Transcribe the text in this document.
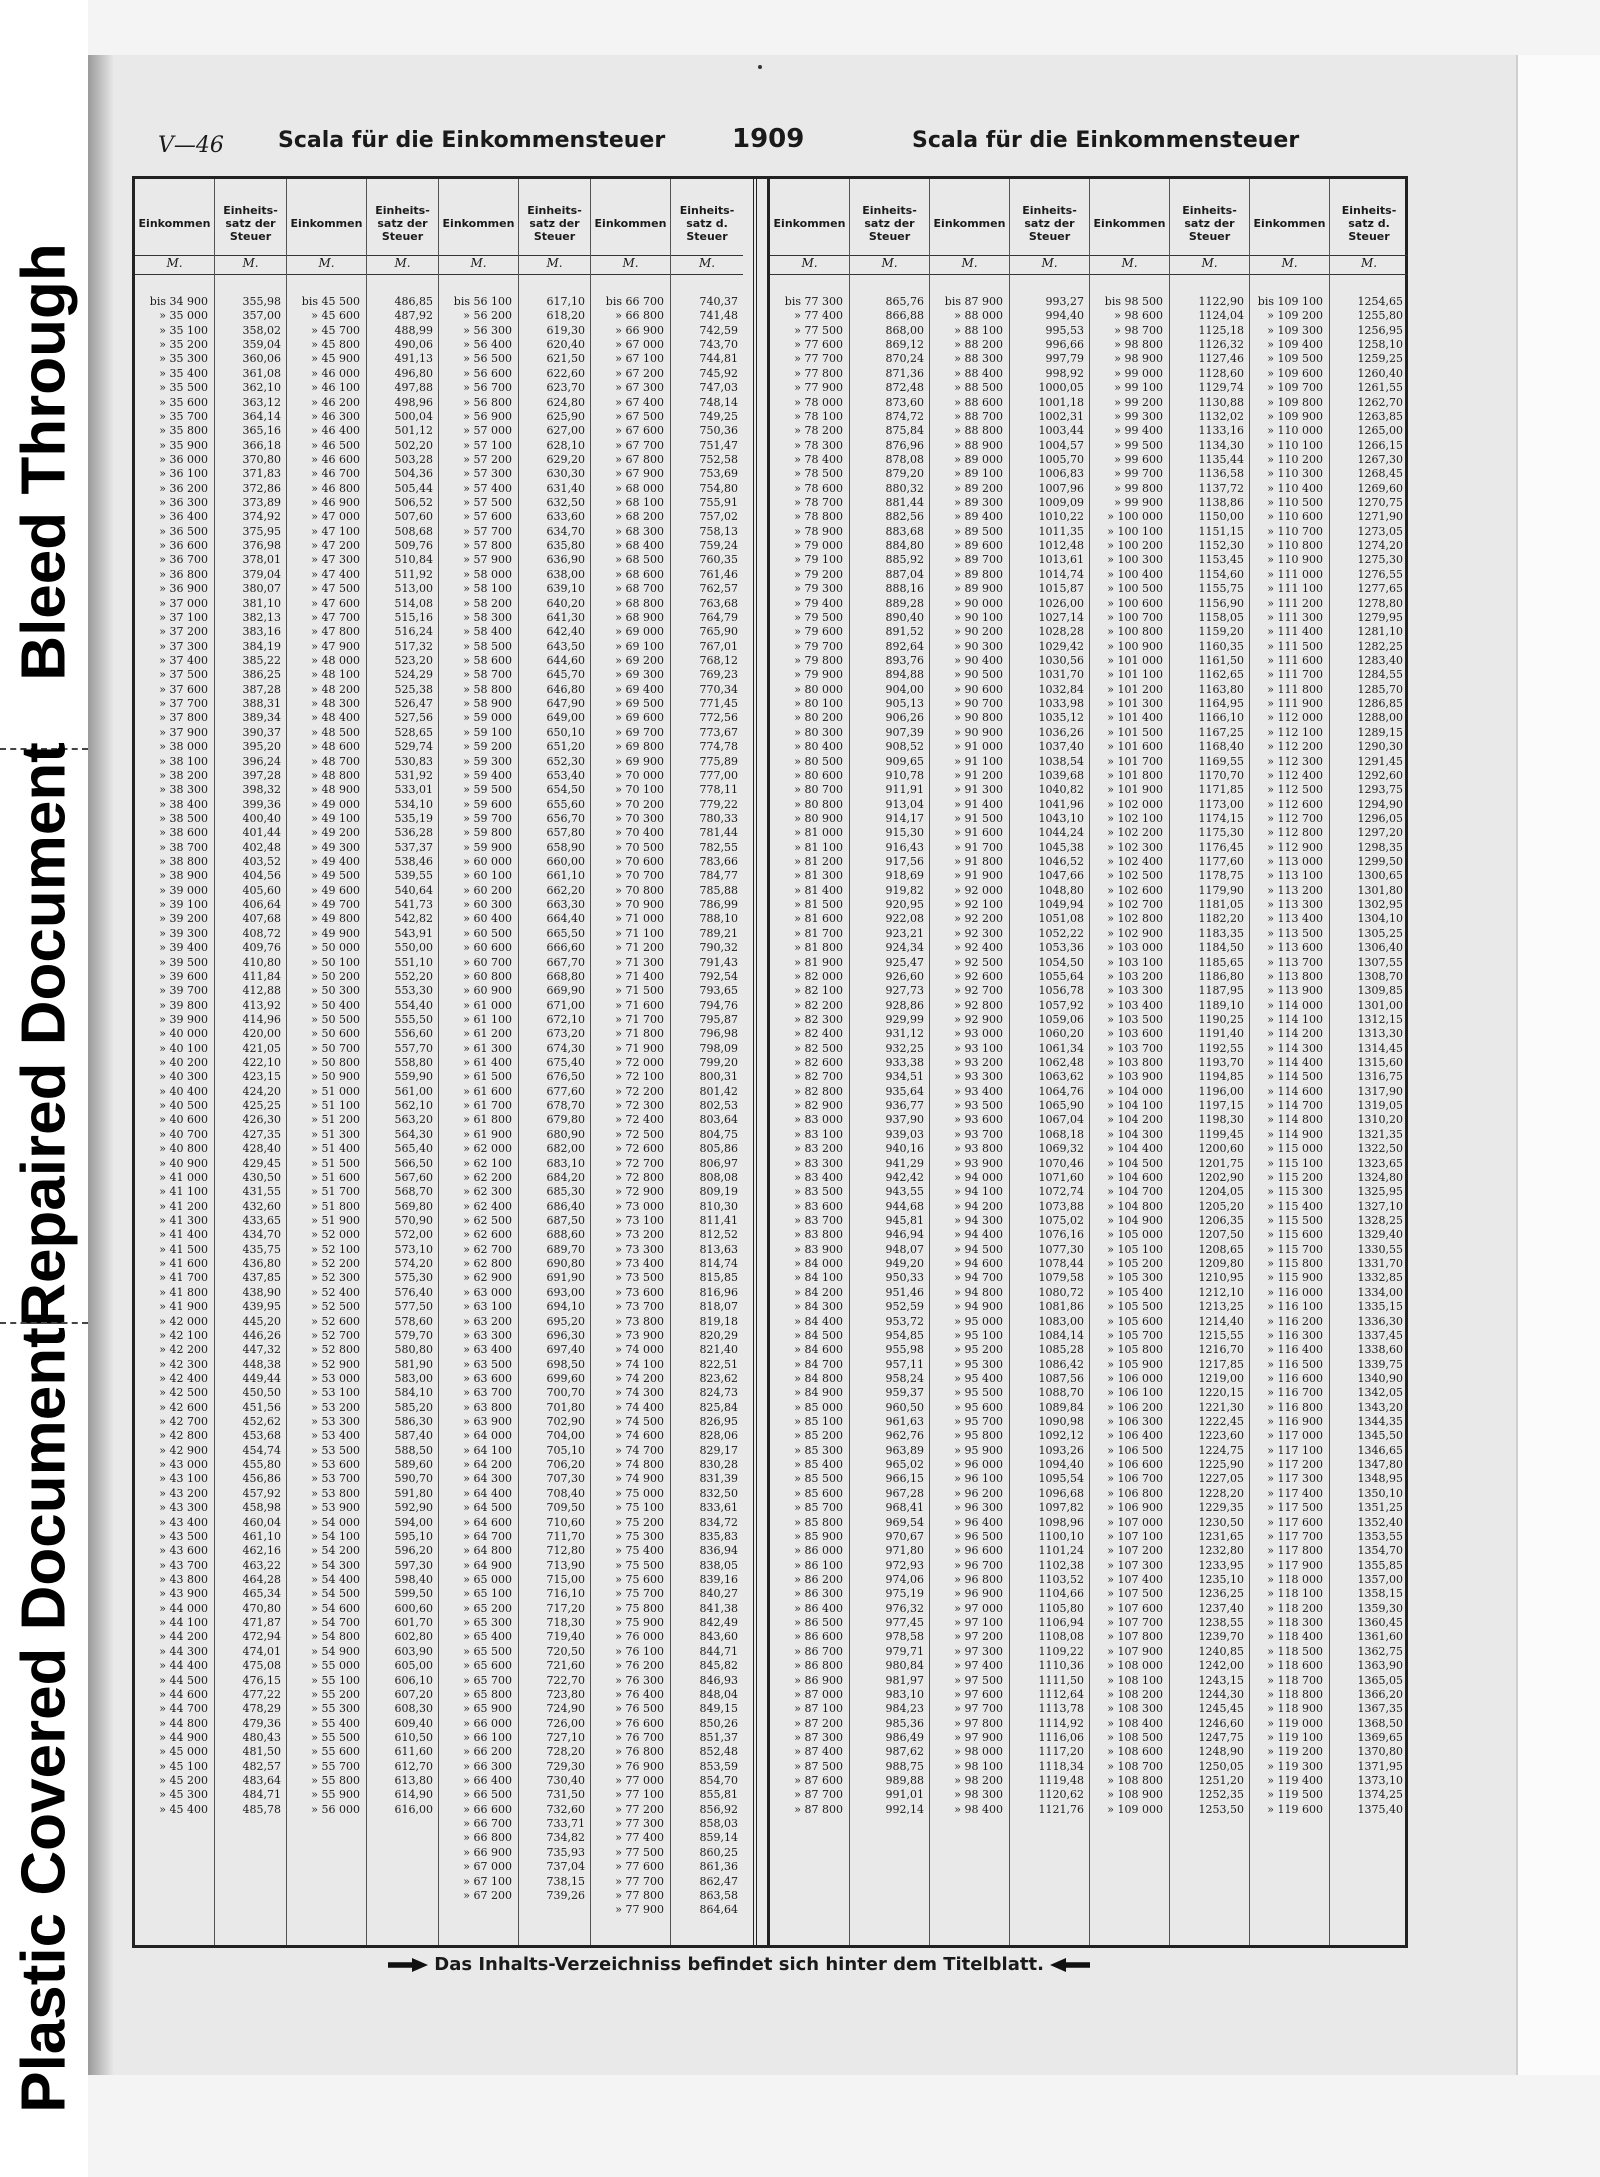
Bleed Through
Repaired Document
Plastic Covered Document
V—46 Scala für die Einkommensteuer	1909	Scala für die Einkommensteuer
Einkommen
M.
bis 34 900
» 35 000
» 35 100
» 35 200
» 35 300
» 35 400
» 35 500
» 35 600
» 35 700
» 35 800
» 35 900
» 36 000
» 36 100
» 36 200
» 36 300
» 36 400
» 36 500
» 36 600
» 36 700
» 36 800
» 36 900
» 37 000
» 37 100
» 37 200
» 37 300
» 37 400
» 37 500
» 37 600
» 37 700
» 37 800
» 37 900
» 38 000
» 38 100
» 38 200
» 38 300
» 38 400
» 38 500
» 38 600
» 38 700
» 38 800
» 38 900
» 39 000
» 39 100
» 39 200
» 39 300
» 39 400
» 39 500
» 39 600
» 39 700
» 39 800
» 39 900
» 40 000
» 40 100
» 40 200
» 40 300
» 40 400
» 40 500
» 40 600
» 40 700
» 40 800
» 40 900
» 41 000
» 41 100
» 41 200
» 41 300
» 41 400
» 41 500
» 41 600
» 41 700
» 41 800
» 41 900
» 42 000
» 42 100
» 42 200
» 42 300
» 42 400
» 42 500
» 42 600
» 42 700
» 42 800
» 42 900
» 43 000
» 43 100
» 43 200
» 43 300
» 43 400
» 43 500
» 43 600
» 43 700
» 43 800
» 43 900
» 44 000
» 44 100
» 44 200
» 44 300
» 44 400
» 44 500
» 44 600
» 44 700
» 44 800
» 44 900
» 45 000
» 45 100
» 45 200
» 45 300
» 45 400
Einheits-satz der Steuer
M.
355,98
357,00
358,02
359,04
360,06
361,08
362,10
363,12
364,14
365,16
366,18
370,80
371,83
372,86
373,89
374,92
375,95
376,98
378,01
379,04
380,07
381,10
382,13
383,16
384,19
385,22
386,25
387,28
388,31
389,34
390,37
395,20
396,24
397,28
398,32
399,36
400,40
401,44
402,48
403,52
404,56
405,60
406,64
407,68
408,72
409,76
410,80
411,84
412,88
413,92
414,96
420,00
421,05
422,10
423,15
424,20
425,25
426,30
427,35
428,40
429,45
430,50
431,55
432,60
433,65
434,70
435,75
436,80
437,85
438,90
439,95
445,20
446,26
447,32
448,38
449,44
450,50
451,56
452,62
453,68
454,74
455,80
456,86
457,92
458,98
460,04
461,10
462,16
463,22
464,28
465,34
470,80
471,87
472,94
474,01
475,08
476,15
477,22
478,29
479,36
480,43
481,50
482,57
483,64
484,71
485,78
Einkommen
M.
bis 45 500
» 45 600
» 45 700
» 45 800
» 45 900
» 46 000
» 46 100
» 46 200
» 46 300
» 46 400
» 46 500
» 46 600
» 46 700
» 46 800
» 46 900
» 47 000
» 47 100
» 47 200
» 47 300
» 47 400
» 47 500
» 47 600
» 47 700
» 47 800
» 47 900
» 48 000
» 48 100
» 48 200
» 48 300
» 48 400
» 48 500
» 48 600
» 48 700
» 48 800
» 48 900
» 49 000
» 49 100
» 49 200
» 49 300
» 49 400
» 49 500
» 49 600
» 49 700
» 49 800
» 49 900
» 50 000
» 50 100
» 50 200
» 50 300
» 50 400
» 50 500
» 50 600
» 50 700
» 50 800
» 50 900
» 51 000
» 51 100
» 51 200
» 51 300
» 51 400
» 51 500
» 51 600
» 51 700
» 51 800
» 51 900
» 52 000
» 52 100
» 52 200
» 52 300
» 52 400
» 52 500
» 52 600
» 52 700
» 52 800
» 52 900
» 53 000
» 53 100
» 53 200
» 53 300
» 53 400
» 53 500
» 53 600
» 53 700
» 53 800
» 53 900
» 54 000
» 54 100
» 54 200
» 54 300
» 54 400
» 54 500
» 54 600
» 54 700
» 54 800
» 54 900
» 55 000
» 55 100
» 55 200
» 55 300
» 55 400
» 55 500
» 55 600
» 55 700
» 55 800
» 55 900
» 56 000
Einheits-satz der Steuer
M.
486,85
487,92
488,99
490,06
491,13
496,80
497,88
498,96
500,04
501,12
502,20
503,28
504,36
505,44
506,52
507,60
508,68
509,76
510,84
511,92
513,00
514,08
515,16
516,24
517,32
523,20
524,29
525,38
526,47
527,56
528,65
529,74
530,83
531,92
533,01
534,10
535,19
536,28
537,37
538,46
539,55
540,64
541,73
542,82
543,91
550,00
551,10
552,20
553,30
554,40
555,50
556,60
557,70
558,80
559,90
561,00
562,10
563,20
564,30
565,40
566,50
567,60
568,70
569,80
570,90
572,00
573,10
574,20
575,30
576,40
577,50
578,60
579,70
580,80
581,90
583,00
584,10
585,20
586,30
587,40
588,50
589,60
590,70
591,80
592,90
594,00
595,10
596,20
597,30
598,40
599,50
600,60
601,70
602,80
603,90
605,00
606,10
607,20
608,30
609,40
610,50
611,60
612,70
613,80
614,90
616,00
Einkommen
M.
bis 56 100
» 56 200
» 56 300
» 56 400
» 56 500
» 56 600
» 56 700
» 56 800
» 56 900
» 57 000
» 57 100
» 57 200
» 57 300
» 57 400
» 57 500
» 57 600
» 57 700
» 57 800
» 57 900
» 58 000
» 58 100
» 58 200
» 58 300
» 58 400
» 58 500
» 58 600
» 58 700
» 58 800
» 58 900
» 59 000
» 59 100
» 59 200
» 59 300
» 59 400
» 59 500
» 59 600
» 59 700
» 59 800
» 59 900
» 60 000
» 60 100
» 60 200
» 60 300
» 60 400
» 60 500
» 60 600
» 60 700
» 60 800
» 60 900
» 61 000
» 61 100
» 61 200
» 61 300
» 61 400
» 61 500
» 61 600
» 61 700
» 61 800
» 61 900
» 62 000
» 62 100
» 62 200
» 62 300
» 62 400
» 62 500
» 62 600
» 62 700
» 62 800
» 62 900
» 63 000
» 63 100
» 63 200
» 63 300
» 63 400
» 63 500
» 63 600
» 63 700
» 63 800
» 63 900
» 64 000
» 64 100
» 64 200
» 64 300
» 64 400
» 64 500
» 64 600
» 64 700
» 64 800
» 64 900
» 65 000
» 65 100
» 65 200
» 65 300
» 65 400
» 65 500
» 65 600
» 65 700
» 65 800
» 65 900
» 66 000
» 66 100
» 66 200
» 66 300
» 66 400
» 66 500
» 66 600
» 66 700
» 66 800
» 66 900
» 67 000
» 67 100
» 67 200
Einheits-satz der Steuer
M.
617,10
618,20
619,30
620,40
621,50
622,60
623,70
624,80
625,90
627,00
628,10
629,20
630,30
631,40
632,50
633,60
634,70
635,80
636,90
638,00
639,10
640,20
641,30
642,40
643,50
644,60
645,70
646,80
647,90
649,00
650,10
651,20
652,30
653,40
654,50
655,60
656,70
657,80
658,90
660,00
661,10
662,20
663,30
664,40
665,50
666,60
667,70
668,80
669,90
671,00
672,10
673,20
674,30
675,40
676,50
677,60
678,70
679,80
680,90
682,00
683,10
684,20
685,30
686,40
687,50
688,60
689,70
690,80
691,90
693,00
694,10
695,20
696,30
697,40
698,50
699,60
700,70
701,80
702,90
704,00
705,10
706,20
707,30
708,40
709,50
710,60
711,70
712,80
713,90
715,00
716,10
717,20
718,30
719,40
720,50
721,60
722,70
723,80
724,90
726,00
727,10
728,20
729,30
730,40
731,50
732,60
733,71
734,82
735,93
737,04
738,15
739,26
Einkommen
M.
bis 66 700
» 66 800
» 66 900
» 67 000
» 67 100
» 67 200
» 67 300
» 67 400
» 67 500
» 67 600
» 67 700
» 67 800
» 67 900
» 68 000
» 68 100
» 68 200
» 68 300
» 68 400
» 68 500
» 68 600
» 68 700
» 68 800
» 68 900
» 69 000
» 69 100
» 69 200
» 69 300
» 69 400
» 69 500
» 69 600
» 69 700
» 69 800
» 69 900
» 70 000
» 70 100
» 70 200
» 70 300
» 70 400
» 70 500
» 70 600
» 70 700
» 70 800
» 70 900
» 71 000
» 71 100
» 71 200
» 71 300
» 71 400
» 71 500
» 71 600
» 71 700
» 71 800
» 71 900
» 72 000
» 72 100
» 72 200
» 72 300
» 72 400
» 72 500
» 72 600
» 72 700
» 72 800
» 72 900
» 73 000
» 73 100
» 73 200
» 73 300
» 73 400
» 73 500
» 73 600
» 73 700
» 73 800
» 73 900
» 74 000
» 74 100
» 74 200
» 74 300
» 74 400
» 74 500
» 74 600
» 74 700
» 74 800
» 74 900
» 75 000
» 75 100
» 75 200
» 75 300
» 75 400
» 75 500
» 75 600
» 75 700
» 75 800
» 75 900
» 76 000
» 76 100
» 76 200
» 76 300
» 76 400
» 76 500
» 76 600
» 76 700
» 76 800
» 76 900
» 77 000
» 77 100
» 77 200
» 77 300
» 77 400
» 77 500
» 77 600
» 77 700
» 77 800
» 77 900
Einheits-satz d. Steuer
M.
740,37
741,48
742,59
743,70
744,81
745,92
747,03
748,14
749,25
750,36
751,47
752,58
753,69
754,80
755,91
757,02
758,13
759,24
760,35
761,46
762,57
763,68
764,79
765,90
767,01
768,12
769,23
770,34
771,45
772,56
773,67
774,78
775,89
777,00
778,11
779,22
780,33
781,44
782,55
783,66
784,77
785,88
786,99
788,10
789,21
790,32
791,43
792,54
793,65
794,76
795,87
796,98
798,09
799,20
800,31
801,42
802,53
803,64
804,75
805,86
806,97
808,08
809,19
810,30
811,41
812,52
813,63
814,74
815,85
816,96
818,07
819,18
820,29
821,40
822,51
823,62
824,73
825,84
826,95
828,06
829,17
830,28
831,39
832,50
833,61
834,72
835,83
836,94
838,05
839,16
840,27
841,38
842,49
843,60
844,71
845,82
846,93
848,04
849,15
850,26
851,37
852,48
853,59
854,70
855,81
856,92
858,03
859,14
860,25
861,36
862,47
863,58
864,64
Einkommen
M.
bis 77 300
» 77 400
» 77 500
» 77 600
» 77 700
» 77 800
» 77 900
» 78 000
» 78 100
» 78 200
» 78 300
» 78 400
» 78 500
» 78 600
» 78 700
» 78 800
» 78 900
» 79 000
» 79 100
» 79 200
» 79 300
» 79 400
» 79 500
» 79 600
» 79 700
» 79 800
» 79 900
» 80 000
» 80 100
» 80 200
» 80 300
» 80 400
» 80 500
» 80 600
» 80 700
» 80 800
» 80 900
» 81 000
» 81 100
» 81 200
» 81 300
» 81 400
» 81 500
» 81 600
» 81 700
» 81 800
» 81 900
» 82 000
» 82 100
» 82 200
» 82 300
» 82 400
» 82 500
» 82 600
» 82 700
» 82 800
» 82 900
» 83 000
» 83 100
» 83 200
» 83 300
» 83 400
» 83 500
» 83 600
» 83 700
» 83 800
» 83 900
» 84 000
» 84 100
» 84 200
» 84 300
» 84 400
» 84 500
» 84 600
» 84 700
» 84 800
» 84 900
» 85 000
» 85 100
» 85 200
» 85 300
» 85 400
» 85 500
» 85 600
» 85 700
» 85 800
» 85 900
» 86 000
» 86 100
» 86 200
» 86 300
» 86 400
» 86 500
» 86 600
» 86 700
» 86 800
» 86 900
» 87 000
» 87 100
» 87 200
» 87 300
» 87 400
» 87 500
» 87 600
» 87 700
» 87 800
Einheits-satz der Steuer
M.
865,76
866,88
868,00
869,12
870,24
871,36
872,48
873,60
874,72
875,84
876,96
878,08
879,20
880,32
881,44
882,56
883,68
884,80
885,92
887,04
888,16
889,28
890,40
891,52
892,64
893,76
894,88
904,00
905,13
906,26
907,39
908,52
909,65
910,78
911,91
913,04
914,17
915,30
916,43
917,56
918,69
919,82
920,95
922,08
923,21
924,34
925,47
926,60
927,73
928,86
929,99
931,12
932,25
933,38
934,51
935,64
936,77
937,90
939,03
940,16
941,29
942,42
943,55
944,68
945,81
946,94
948,07
949,20
950,33
951,46
952,59
953,72
954,85
955,98
957,11
958,24
959,37
960,50
961,63
962,76
963,89
965,02
966,15
967,28
968,41
969,54
970,67
971,80
972,93
974,06
975,19
976,32
977,45
978,58
979,71
980,84
981,97
983,10
984,23
985,36
986,49
987,62
988,75
989,88
991,01
992,14
Einkommen
M.
bis 87 900
» 88 000
» 88 100
» 88 200
» 88 300
» 88 400
» 88 500
» 88 600
» 88 700
» 88 800
» 88 900
» 89 000
» 89 100
» 89 200
» 89 300
» 89 400
» 89 500
» 89 600
» 89 700
» 89 800
» 89 900
» 90 000
» 90 100
» 90 200
» 90 300
» 90 400
» 90 500
» 90 600
» 90 700
» 90 800
» 90 900
» 91 000
» 91 100
» 91 200
» 91 300
» 91 400
» 91 500
» 91 600
» 91 700
» 91 800
» 91 900
» 92 000
» 92 100
» 92 200
» 92 300
» 92 400
» 92 500
» 92 600
» 92 700
» 92 800
» 92 900
» 93 000
» 93 100
» 93 200
» 93 300
» 93 400
» 93 500
» 93 600
» 93 700
» 93 800
» 93 900
» 94 000
» 94 100
» 94 200
» 94 300
» 94 400
» 94 500
» 94 600
» 94 700
» 94 800
» 94 900
» 95 000
» 95 100
» 95 200
» 95 300
» 95 400
» 95 500
» 95 600
» 95 700
» 95 800
» 95 900
» 96 000
» 96 100
» 96 200
» 96 300
» 96 400
» 96 500
» 96 600
» 96 700
» 96 800
» 96 900
» 97 000
» 97 100
» 97 200
» 97 300
» 97 400
» 97 500
» 97 600
» 97 700
» 97 800
» 97 900
» 98 000
» 98 100
» 98 200
» 98 300
» 98 400
Einheits-satz der Steuer
M.
993,27
994,40
995,53
996,66
997,79
998,92
1000,05
1001,18
1002,31
1003,44
1004,57
1005,70
1006,83
1007,96
1009,09
1010,22
1011,35
1012,48
1013,61
1014,74
1015,87
1026,00
1027,14
1028,28
1029,42
1030,56
1031,70
1032,84
1033,98
1035,12
1036,26
1037,40
1038,54
1039,68
1040,82
1041,96
1043,10
1044,24
1045,38
1046,52
1047,66
1048,80
1049,94
1051,08
1052,22
1053,36
1054,50
1055,64
1056,78
1057,92
1059,06
1060,20
1061,34
1062,48
1063,62
1064,76
1065,90
1067,04
1068,18
1069,32
1070,46
1071,60
1072,74
1073,88
1075,02
1076,16
1077,30
1078,44
1079,58
1080,72
1081,86
1083,00
1084,14
1085,28
1086,42
1087,56
1088,70
1089,84
1090,98
1092,12
1093,26
1094,40
1095,54
1096,68
1097,82
1098,96
1100,10
1101,24
1102,38
1103,52
1104,66
1105,80
1106,94
1108,08
1109,22
1110,36
1111,50
1112,64
1113,78
1114,92
1116,06
1117,20
1118,34
1119,48
1120,62
1121,76
Einkommen
M.
bis 98 500
» 98 600
» 98 700
» 98 800
» 98 900
» 99 000
» 99 100
» 99 200
» 99 300
» 99 400
» 99 500
» 99 600
» 99 700
» 99 800
» 99 900
» 100 000
» 100 100
» 100 200
» 100 300
» 100 400
» 100 500
» 100 600
» 100 700
» 100 800
» 100 900
» 101 000
» 101 100
» 101 200
» 101 300
» 101 400
» 101 500
» 101 600
» 101 700
» 101 800
» 101 900
» 102 000
» 102 100
» 102 200
» 102 300
» 102 400
» 102 500
» 102 600
» 102 700
» 102 800
» 102 900
» 103 000
» 103 100
» 103 200
» 103 300
» 103 400
» 103 500
» 103 600
» 103 700
» 103 800
» 103 900
» 104 000
» 104 100
» 104 200
» 104 300
» 104 400
» 104 500
» 104 600
» 104 700
» 104 800
» 104 900
» 105 000
» 105 100
» 105 200
» 105 300
» 105 400
» 105 500
» 105 600
» 105 700
» 105 800
» 105 900
» 106 000
» 106 100
» 106 200
» 106 300
» 106 400
» 106 500
» 106 600
» 106 700
» 106 800
» 106 900
» 107 000
» 107 100
» 107 200
» 107 300
» 107 400
» 107 500
» 107 600
» 107 700
» 107 800
» 107 900
» 108 000
» 108 100
» 108 200
» 108 300
» 108 400
» 108 500
» 108 600
» 108 700
» 108 800
» 108 900
» 109 000
Einheits-satz der Steuer
M.
1122,90
1124,04
1125,18
1126,32
1127,46
1128,60
1129,74
1130,88
1132,02
1133,16
1134,30
1135,44
1136,58
1137,72
1138,86
1150,00
1151,15
1152,30
1153,45
1154,60
1155,75
1156,90
1158,05
1159,20
1160,35
1161,50
1162,65
1163,80
1164,95
1166,10
1167,25
1168,40
1169,55
1170,70
1171,85
1173,00
1174,15
1175,30
1176,45
1177,60
1178,75
1179,90
1181,05
1182,20
1183,35
1184,50
1185,65
1186,80
1187,95
1189,10
1190,25
1191,40
1192,55
1193,70
1194,85
1196,00
1197,15
1198,30
1199,45
1200,60
1201,75
1202,90
1204,05
1205,20
1206,35
1207,50
1208,65
1209,80
1210,95
1212,10
1213,25
1214,40
1215,55
1216,70
1217,85
1219,00
1220,15
1221,30
1222,45
1223,60
1224,75
1225,90
1227,05
1228,20
1229,35
1230,50
1231,65
1232,80
1233,95
1235,10
1236,25
1237,40
1238,55
1239,70
1240,85
1242,00
1243,15
1244,30
1245,45
1246,60
1247,75
1248,90
1250,05
1251,20
1252,35
1253,50
Einkommen
M.
bis 109 100
» 109 200
» 109 300
» 109 400
» 109 500
» 109 600
» 109 700
» 109 800
» 109 900
» 110 000
» 110 100
» 110 200
» 110 300
» 110 400
» 110 500
» 110 600
» 110 700
» 110 800
» 110 900
» 111 000
» 111 100
» 111 200
» 111 300
» 111 400
» 111 500
» 111 600
» 111 700
» 111 800
» 111 900
» 112 000
» 112 100
» 112 200
» 112 300
» 112 400
» 112 500
» 112 600
» 112 700
» 112 800
» 112 900
» 113 000
» 113 100
» 113 200
» 113 300
» 113 400
» 113 500
» 113 600
» 113 700
» 113 800
» 113 900
» 114 000
» 114 100
» 114 200
» 114 300
» 114 400
» 114 500
» 114 600
» 114 700
» 114 800
» 114 900
» 115 000
» 115 100
» 115 200
» 115 300
» 115 400
» 115 500
» 115 600
» 115 700
» 115 800
» 115 900
» 116 000
» 116 100
» 116 200
» 116 300
» 116 400
» 116 500
» 116 600
» 116 700
» 116 800
» 116 900
» 117 000
» 117 100
» 117 200
» 117 300
» 117 400
» 117 500
» 117 600
» 117 700
» 117 800
» 117 900
» 118 000
» 118 100
» 118 200
» 118 300
» 118 400
» 118 500
» 118 600
» 118 700
» 118 800
» 118 900
» 119 000
» 119 100
» 119 200
» 119 300
» 119 400
» 119 500
» 119 600
Einheits-satz d. Steuer
M.
1254,65
1255,80
1256,95
1258,10
1259,25
1260,40
1261,55
1262,70
1263,85
1265,00
1266,15
1267,30
1268,45
1269,60
1270,75
1271,90
1273,05
1274,20
1275,30
1276,55
1277,65
1278,80
1279,95
1281,10
1282,25
1283,40
1284,55
1285,70
1286,85
1288,00
1289,15
1290,30
1291,45
1292,60
1293,75
1294,90
1296,05
1297,20
1298,35
1299,50
1300,65
1301,80
1302,95
1304,10
1305,25
1306,40
1307,55
1308,70
1309,85
1301,00
1312,15
1313,30
1314,45
1315,60
1316,75
1317,90
1319,05
1310,20
1321,35
1322,50
1323,65
1324,80
1325,95
1327,10
1328,25
1329,40
1330,55
1331,70
1332,85
1334,00
1335,15
1336,30
1337,45
1338,60
1339,75
1340,90
1342,05
1343,20
1344,35
1345,50
1346,65
1347,80
1348,95
1350,10
1351,25
1352,40
1353,55
1354,70
1355,85
1357,00
1358,15
1359,30
1360,45
1361,60
1362,75
1363,90
1365,05
1366,20
1367,35
1368,50
1369,65
1370,80
1371,95
1373,10
1374,25
1375,40
Das Inhalts-Verzeichniss befindet sich hinter dem Titelblatt.
